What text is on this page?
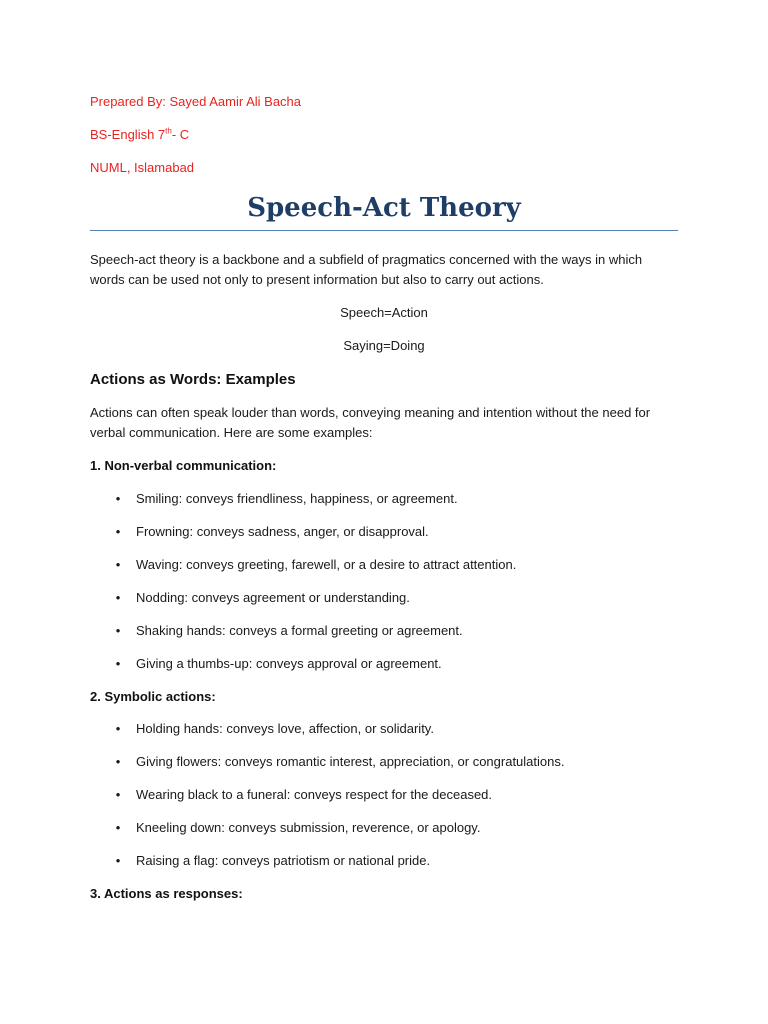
Prepared By: Sayed Aamir Ali Bacha
BS-English 7th- C
NUML, Islamabad
Speech-Act Theory
Speech-act theory is a backbone and a subfield of pragmatics concerned with the ways in which words can be used not only to present information but also to carry out actions.
Speech=Action
Saying=Doing
Actions as Words: Examples
Actions can often speak louder than words, conveying meaning and intention without the need for verbal communication. Here are some examples:
1. Non-verbal communication:
• Smiling: conveys friendliness, happiness, or agreement.
• Frowning: conveys sadness, anger, or disapproval.
• Waving: conveys greeting, farewell, or a desire to attract attention.
• Nodding: conveys agreement or understanding.
• Shaking hands: conveys a formal greeting or agreement.
• Giving a thumbs-up: conveys approval or agreement.
2. Symbolic actions:
• Holding hands: conveys love, affection, or solidarity.
• Giving flowers: conveys romantic interest, appreciation, or congratulations.
• Wearing black to a funeral: conveys respect for the deceased.
• Kneeling down: conveys submission, reverence, or apology.
• Raising a flag: conveys patriotism or national pride.
3. Actions as responses:
